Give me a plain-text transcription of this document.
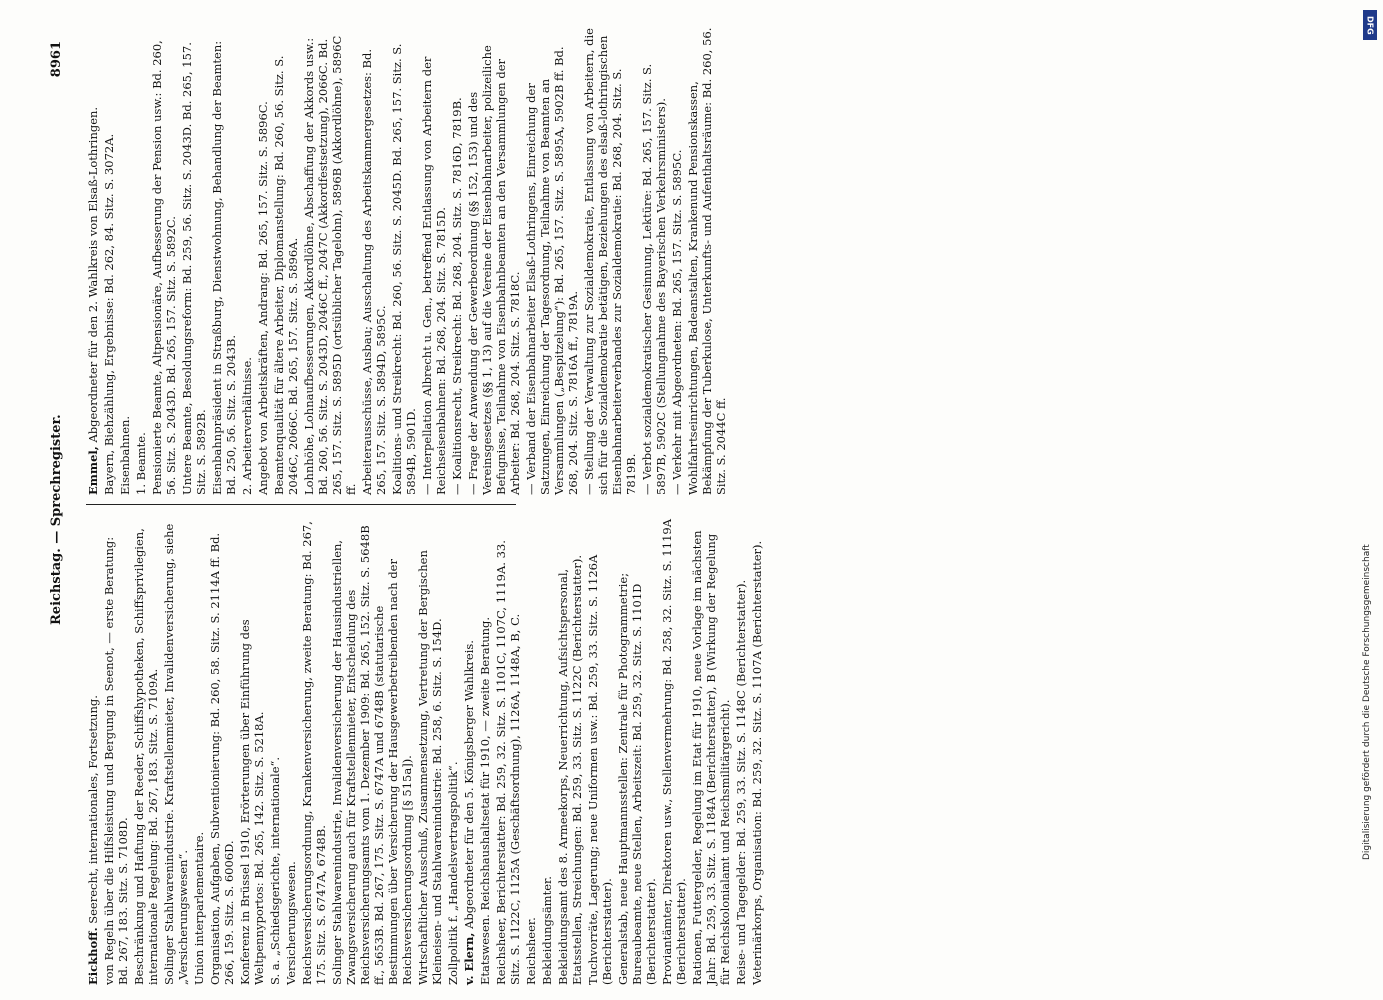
Reichstag. — Sprechregister.
8961
Eickhoff. Seerecht, internationales, Fortsetzung. von Regeln über die Hilfsleistung und Bergung in Seenot, — erste Beratung: Bd. 267, 183. Sitz. S. 7108D. Beschränkung und Haftung der Reeder, Schiffshypotheken, Schiffsprivilegien, internationale Regelung: Bd. 267, 183. Sitz. S. 7109A. Solinger Stahlwarenindustrie. Kraftstellenmieter, Invalidenversicherung, siehe „Versicherungswesen“. Union interparlementaire. Organisation, Aufgaben, Subventionierung: Bd. 260, 58. Sitz. S. 2114A ff. Bd. 266, 159. Sitz. S. 6006D. Konferenz in Brüssel 1910, Erörterungen über Einführung des Weltpennyportos: Bd. 265, 142. Sitz. S. 5218A. S. a. „Schiedsgerichte, internationale“. Versicherungswesen. Reichsversicherungsordnung, Krankenversicherung, zweite Beratung: Bd. 267, 175. Sitz. S. 6747A, 6748B. Solinger Stahlwarenindustrie, Invalidenversicherung der Hausindustriellen, Zwangsversicherung auch für Kraftstellenmieter, Entscheidung des Reichsversicherungsamts vom 1. Dezember 1909: Bd. 265, 152. Sitz. S. 5648B ff., 5653B. Bd. 267, 175. Sitz. S. 6747A und 6748B (statutarische Bestimmungen über Versicherung der Hausgewerbetreibenden nach der Reichsversicherungsordnung [§ 515a]). Wirtschaftlicher Ausschuß, Zusammensetzung, Vertretung der Bergischen Kleineisen- und Stahlwarenindustrie: Bd. 258, 6. Sitz. S. 154D. Zollpolitik f. „Handelsvertragspolitik“. v. Elern, Abgeordneter für den 5. Königsberger Wahlkreis. Etatswesen. Reichshaushaltsetat für 1910, — zweite Beratung. Reichsheer, Berichterstatter: Bd. 259, 32. Sitz. S. 1101C, 1107C, 1119A. 33. Sitz. S. 1122C, 1125A (Geschäftsordnung), 1126A, 1148A, B, C. Reichsheer. Bekleidungsämter. Bekleidungsamt des 8. Armeekorps, Neuerrichtung, Aufsichtspersonal, Etatsstellen, Streichungen: Bd. 259, 33. Sitz. S. 1122C (Berichterstatter). Tuchvorräte, Lagerung; neue Uniformen usw.: Bd. 259, 33. Sitz. S. 1126A (Berichterstatter). Generalstab, neue Hauptmannsstellen: Zentrale für Photogrammetrie; Bureaubeamte, neue Stellen, Arbeitszeit: Bd. 259, 32. Sitz. S. 1101D (Berichterstatter). Proviantämter, Direktoren usw., Stellenvermehrung: Bd. 258, 32. Sitz. S. 1119A (Berichterstatter). Rationen, Futtergelder, Regelung im Etat für 1910, neue Vorlage im nächsten Jahr: Bd. 259, 33. Sitz. S. 1184A (Berichterstatter), B (Wirkung der Regelung für Reichskolonialamt und Reichsmilitärgericht). Reise- und Tagegelder: Bd. 259, 33. Sitz. S. 1148C (Berichterstatter). Veterinärkorps, Organisation: Bd. 259, 32. Sitz. S. 1107A (Berichterstatter).
Emmel, Abgeordneter für den 2. Wahlkreis von Elsaß-Lothringen. Bayern, Biehzählung, Ergebnisse: Bd. 262, 84. Sitz. S. 3072A. Eisenbahnen. 1. Beamte. Pensionierte Beamte, Altpensionäre, Aufbesserung der Pension usw.: Bd. 260, 56. Sitz. S. 2043D. Bd. 265, 157. Sitz. S. 5892C. Untere Beamte, Besoldungsreform: Bd. 259, 56. Sitz. S. 2043D. Bd. 265, 157. Sitz. S. 5892B. Eisenbahnpräsident in Straßburg, Dienstwohnung, Behandlung der Beamten: Bd. 250, 56. Sitz. S. 2043B. 2. Arbeiterverhältnisse. Angebot von Arbeitskräften, Andrang: Bd. 265, 157. Sitz. S. 5896C. Beamtenqualität für ältere Arbeiter, Diplomanstellung: Bd. 260, 56. Sitz. S. 2046C, 2066C. Bd. 265, 157. Sitz. S. 5896A. Lohnhöhe, Lohnaufbesserungen, Akkordlöhne, Abschaffung der Akkords usw.: Bd. 260, 56. Sitz. S. 2043D, 2046C ff., 2047C (Akkordfestsetzung), 2066C. Bd. 265, 157. Sitz. S. 5895D (ortsüblicher Tagelohn), 5896B (Akkordlöhne), 5896C ff. Arbeiterausschüsse, Ausbau; Ausschaltung des Arbeitskammergesetzes: Bd. 265, 157. Sitz. S. 5894D, 5895C. Koalitions- und Streikrecht: Bd. 260, 56. Sitz. S. 2045D. Bd. 265, 157. Sitz. S. 5894B, 5901D. — Interpellation Albrecht u. Gen., betreffend Entlassung von Arbeitern der Reichseisenbahnen: Bd. 268, 204. Sitz. S. 7815D. — Koalitionsrecht, Streikrecht: Bd. 268, 204. Sitz. S. 7816D, 7819B. — Frage der Anwendung der Gewerbeordnung (§§ 152, 153) und des Vereinsgesetzes (§§ 1, 13) auf die Vereine der Eisenbahnarbeiter, polizeiliche Befugnisse, Teilnahme von Eisenbahnbeamten an den Versammlungen der Arbeiter: Bd. 268, 204. Sitz. S. 7818C. — Verband der Eisenbahnarbeiter Elsaß-Lothringens, Einreichung der Satzungen, Einreichung der Tagesordnung, Teilnahme von Beamten an Versammlungen („Bespitzelung“): Bd. 265, 157. Sitz. S. 5895A, 5902B ff. Bd. 268, 204. Sitz. S. 7816A ff., 7819A. — Stellung der Verwaltung zur Sozialdemokratie, Entlassung von Arbeitern, die sich für die Sozialdemokratie betätigen, Beziehungen des elsaß-lothringischen Eisenbahnarbeiterverbandes zur Sozialdemokratie: Bd. 268, 204. Sitz. S. 7819B. — Verbot sozialdemokratischer Gesinnung, Lektüre: Bd. 265, 157. Sitz. S. 5897B, 5902C (Stellungnahme des Bayerischen Verkehrsministers). — Verkehr mit Abgeordneten: Bd. 265, 157. Sitz. S. 5895C. Wohlfahrtseinrichtungen, Badeanstalten, Krankenund Pensionskassen, Bekämpfung der Tuberkulose, Unterkunfts- und Aufenthaltsräume: Bd. 260, 56. Sitz. S. 2044C ff.
DFG
Digitalisierung gefördert durch die Deutsche Forschungsgemeinschaft
